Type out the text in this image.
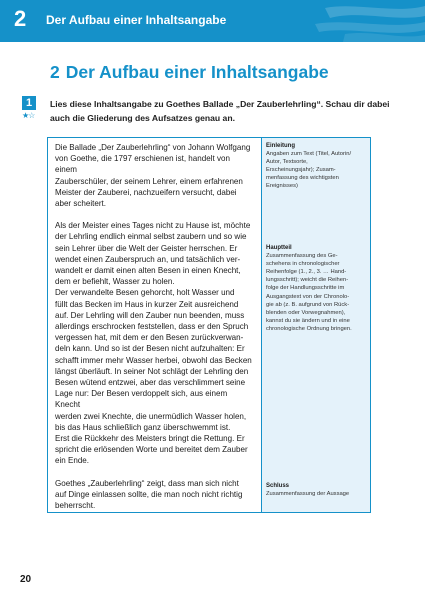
2 Der Aufbau einer Inhaltsangabe
2 Der Aufbau einer Inhaltsangabe
1
★☆
Lies diese Inhaltsangabe zu Goethes Ballade „Der Zauberlehrling“. Schau dir dabei
auch die Gliederung des Aufsatzes genau an.

Die Ballade „Der Zauberlehrling“ von Johann Wolfgang

von Goethe, die 1797 erschienen ist, handelt von einem

Zauberschüler, der seinem Lehrer, einem erfahrenen

Meister der Zauberei, nachzueifern versucht, dabei

aber scheitert.

Als der Meister eines Tages nicht zu Hause ist, möchte

der Lehrling endlich einmal selbst zaubern und so wie

sein Lehrer über die Welt der Geister herrschen. Er

wendet einen Zauberspruch an, und tatsächlich ver-

wandelt er damit einen alten Besen in einen Knecht,

dem er befiehlt, Wasser zu holen.

Der verwandelte Besen gehorcht, holt Wasser und

füllt das Becken im Haus in kurzer Zeit ausreichend

auf. Der Lehrling will den Zauber nun beenden, muss

allerdings erschrocken feststellen, dass er den Spruch

vergessen hat, mit dem er den Besen zurückverwan-

deln kann. Und so ist der Besen nicht aufzuhalten: Er

schafft immer mehr Wasser herbei, obwohl das Becken

längst überläuft. In seiner Not schlägt der Lehrling den

Besen wütend entzwei, aber das verschlimmert seine

Lage nur: Der Besen verdoppelt sich, aus einem Knecht

werden zwei Knechte, die unermüdlich Wasser holen,

bis das Haus schließlich ganz überschwemmt ist.

Erst die Rückkehr des Meisters bringt die Rettung. Er

spricht die erlösenden Worte und bereitet dem Zauber

ein Ende.

Goethes „Zauberlehrling“ zeigt, dass man sich nicht

auf Dinge einlassen sollte, die man noch nicht richtig

beherrscht.

Einleitung
Angaben zum Text (Titel, Autorin/
Autor, Textsorte,
Erscheinungsjahr); Zusam-
menfassung des wichtigsten
Ereignisses)
Hauptteil
Zusammenfassung des Ge-
schehens in chronologischer
Reihenfolge (1., 2., 3. … Hand-
lungsschritt); weicht die Reihen-
folge der Handlungsschritte im
Ausgangstext von der Chronolo-
gie ab (z. B. aufgrund von Rück-
blenden oder Vorwegnahmen),
kannst du sie ändern und in eine
chronologische Ordnung bringen.
Schluss
Zusammenfassung der Aussage
20
